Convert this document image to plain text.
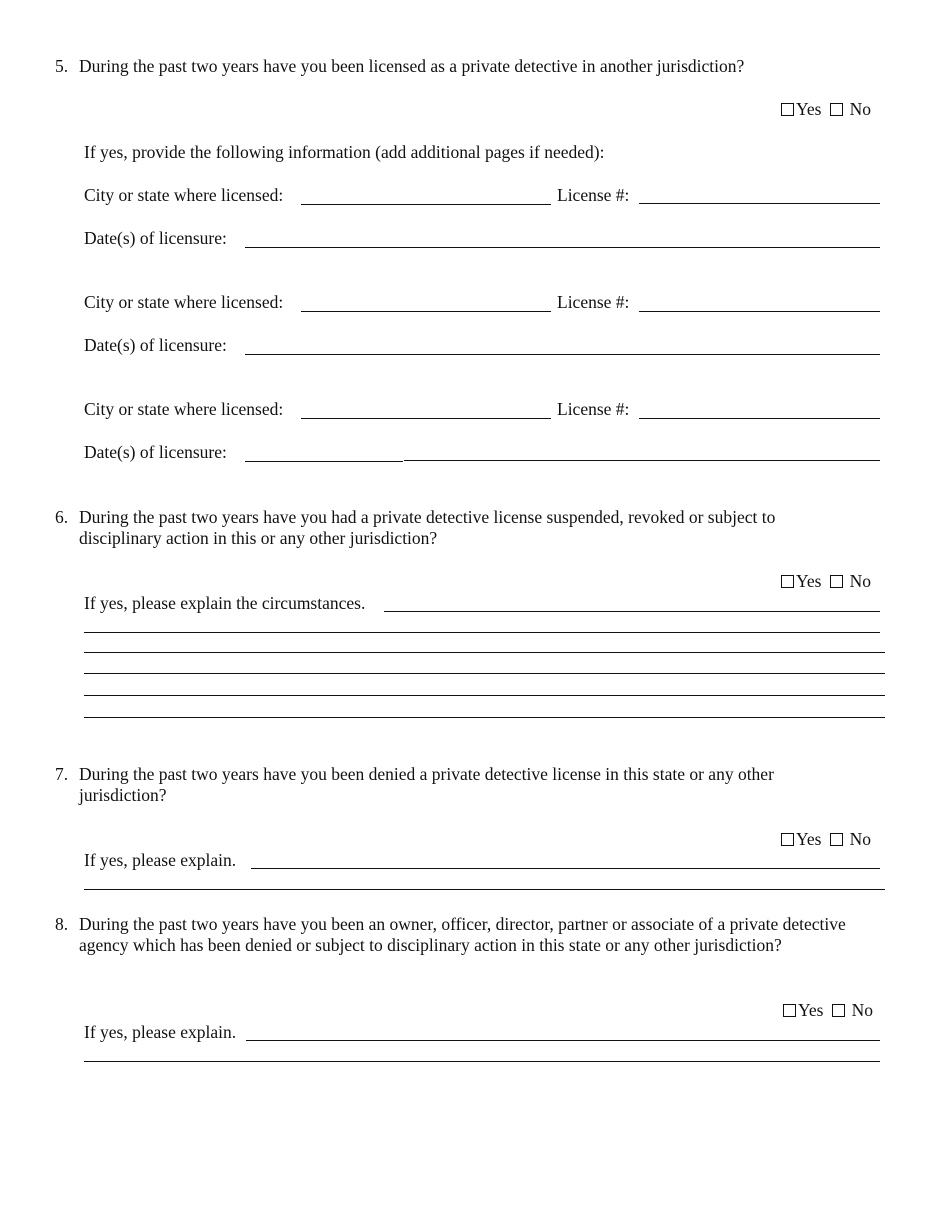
5. During the past two years have you been licensed as a private detective in another jurisdiction?
Yes No
If yes, provide the following information (add additional pages if needed):
City or state where licensed:	License #:
Date(s) of licensure:
City or state where licensed:	License #:
Date(s) of licensure:
City or state where licensed:	License #:
Date(s) of licensure:
6. During the past two years have you had a private detective license suspended, revoked or subject to disciplinary action in this or any other jurisdiction?
Yes No
If yes, please explain the circumstances.
7. During the past two years have you been denied a private detective license in this state or any other jurisdiction?
Yes No
If yes, please explain.
8. During the past two years have you been an owner, officer, director, partner or associate of a private detective agency which has been denied or subject to disciplinary action in this state or any other jurisdiction?
Yes No
If yes, please explain.
